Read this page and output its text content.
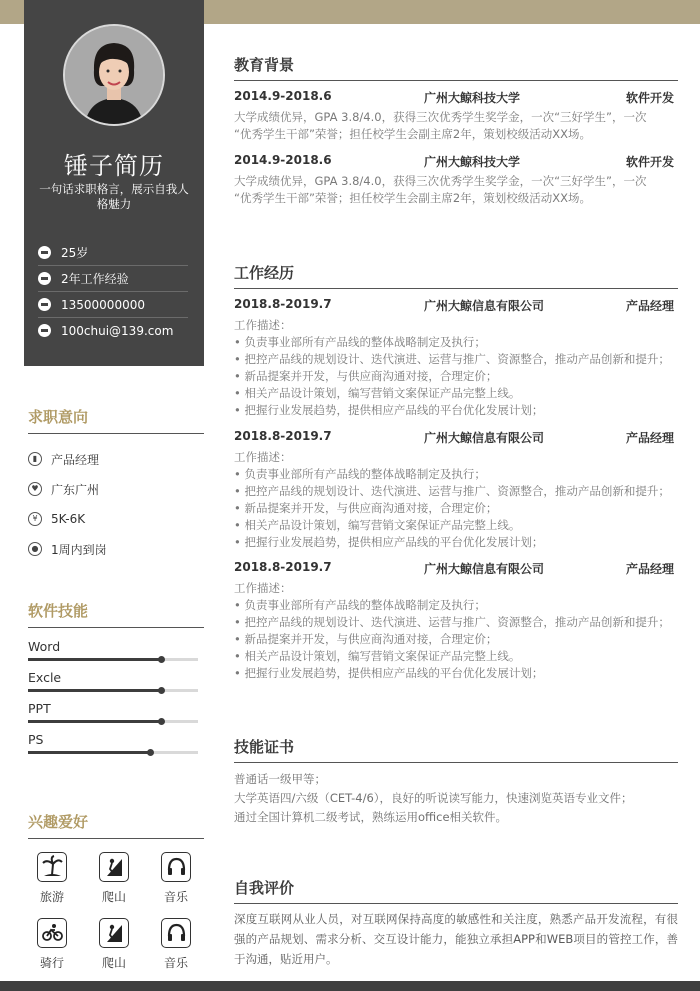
锤子简历
一句话求职格言，展示自我人格魅力
25岁
2年工作经验
13500000000
100chui@139.com
求职意向
▮	产品经理
♥ 广东广州
¥	5K-6K
● 1周内到岗
软件技能
Word
Excle
PPT
PS
兴趣爱好
旅游	爬山	音乐
骑行	爬山	音乐
教育背景
2014.9-2018.6	广州大鲸科技大学	软件开发
大学成绩优异，GPA 3.8/4.0，获得三次优秀学生奖学金，一次“三好学生”，一次
“优秀学生干部”荣誉；担任校学生会副主席2年，策划校级活动XX场。
2014.9-2018.6	广州大鲸科技大学	软件开发
大学成绩优异，GPA 3.8/4.0，获得三次优秀学生奖学金，一次“三好学生”，一次
“优秀学生干部”荣誉；担任校学生会副主席2年，策划校级活动XX场。
工作经历
2018.8-2019.7	广州大鲸信息有限公司	产品经理
工作描述：
• 负责事业部所有产品线的整体战略制定及执行；
• 把控产品线的规划设计、迭代演进、运营与推广、资源整合，推动产品创新和提升；
• 新品提案并开发，与供应商沟通对接，合理定价；
• 相关产品设计策划，编写营销文案保证产品完整上线。
• 把握行业发展趋势，提供相应产品线的平台优化发展计划；
2018.8-2019.7	广州大鲸信息有限公司	产品经理
工作描述：
• 负责事业部所有产品线的整体战略制定及执行；
• 把控产品线的规划设计、迭代演进、运营与推广、资源整合，推动产品创新和提升；
• 新品提案并开发，与供应商沟通对接，合理定价；
• 相关产品设计策划，编写营销文案保证产品完整上线。
• 把握行业发展趋势，提供相应产品线的平台优化发展计划；
2018.8-2019.7	广州大鲸信息有限公司	产品经理
工作描述：
• 负责事业部所有产品线的整体战略制定及执行；
• 把控产品线的规划设计、迭代演进、运营与推广、资源整合，推动产品创新和提升；
• 新品提案并开发，与供应商沟通对接，合理定价；
• 相关产品设计策划，编写营销文案保证产品完整上线。
• 把握行业发展趋势，提供相应产品线的平台优化发展计划；
技能证书
普通话一级甲等；
大学英语四/六级（CET-4/6），良好的听说读写能力，快速浏览英语专业文件；
通过全国计算机二级考试，熟练运用office相关软件。
自我评价
深度互联网从业人员，对互联网保持高度的敏感性和关注度，熟悉产品开发流程，有很强的产品规划、需求分析、交互设计能力，能独立承担APP和WEB项目的管控工作，善于沟通，贴近用户。
